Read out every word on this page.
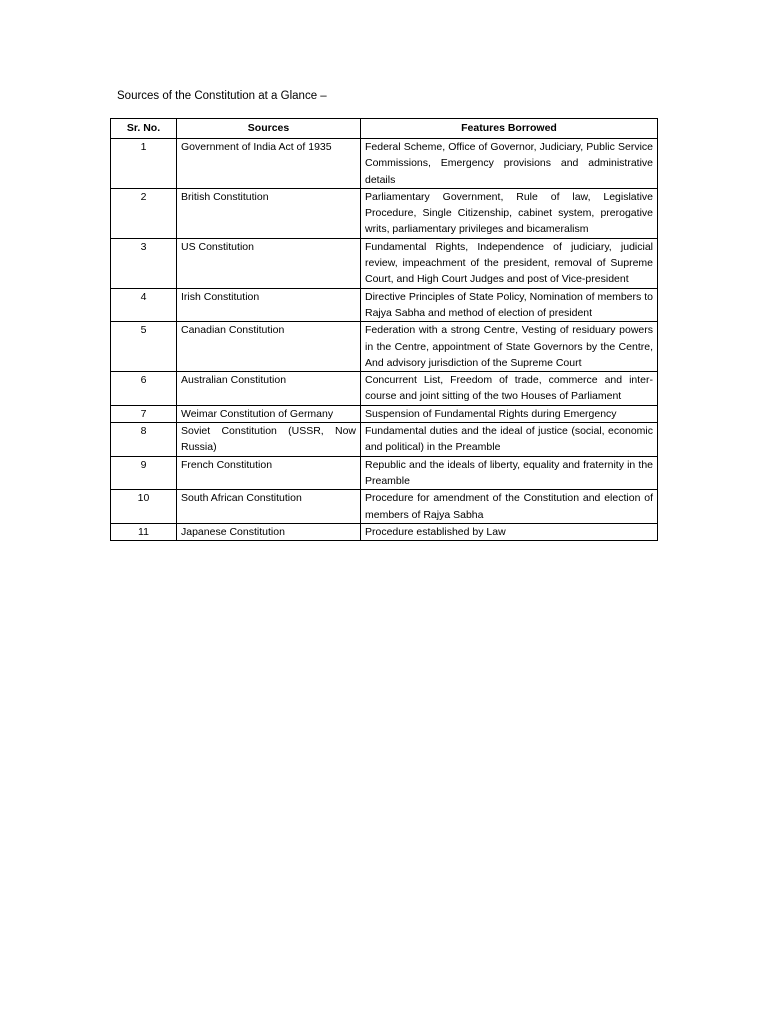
Sources of the Constitution at a Glance –
Sr. No.	Sources	Features Borrowed
1	Government of India Act of 1935	Federal Scheme, Office of Governor, Judiciary, Public Service Commissions, Emergency provisions and administrative details
2	British Constitution	Parliamentary Government, Rule of law, Legislative Procedure, Single Citizenship, cabinet system, prerogative writs, parliamentary privileges and bicameralism
3	US Constitution	Fundamental Rights, Independence of judiciary, judicial review, impeachment of the president, removal of Supreme Court, and High Court Judges and post of Vice-president
4	Irish Constitution	Directive Principles of State Policy, Nomination of members to Rajya Sabha and method of election of president
5	Canadian Constitution	Federation with a strong Centre, Vesting of residuary powers in the Centre, appointment of State Governors by the Centre, And advisory jurisdiction of the Supreme Court
6	Australian Constitution	Concurrent List, Freedom of trade, commerce and inter-course and joint sitting of the two Houses of Parliament
7	Weimar Constitution of Germany	Suspension of Fundamental Rights during Emergency
8	Soviet Constitution (USSR, Now Russia)	Fundamental duties and the ideal of justice (social, economic and political) in the Preamble
9	French Constitution	Republic and the ideals of liberty, equality and fraternity in the Preamble
10	South African Constitution	Procedure for amendment of the Constitution and election of members of Rajya Sabha
11	Japanese Constitution	Procedure established by Law
